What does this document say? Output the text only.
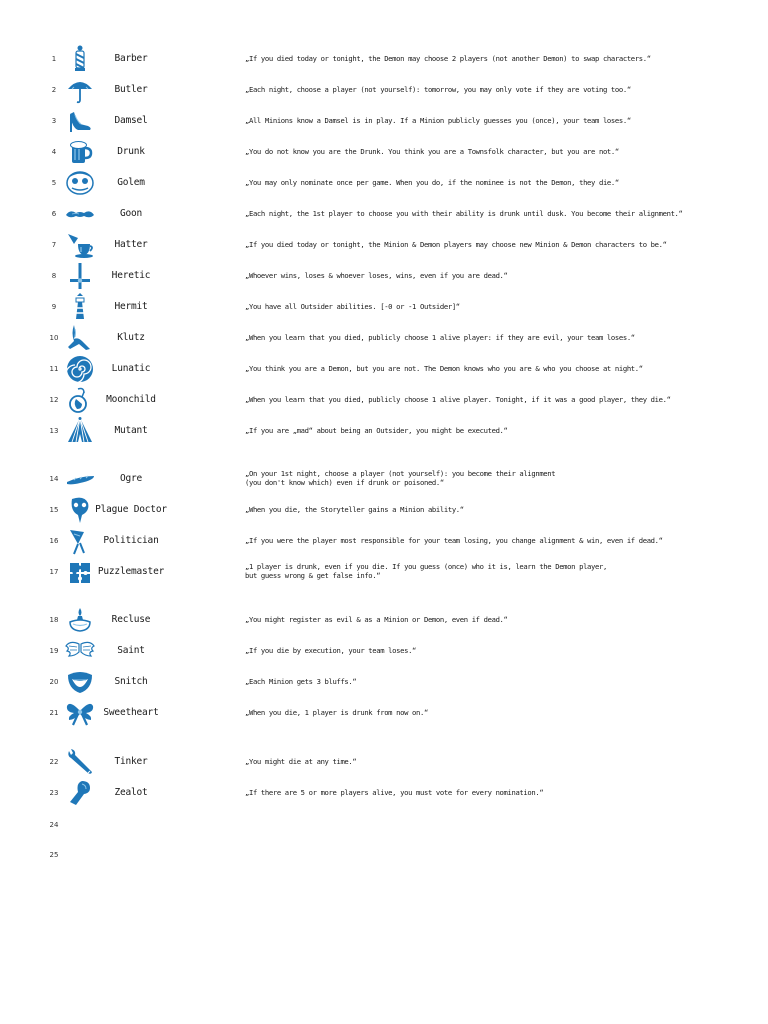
1	Barber	„If you died today or tonight, the Demon may choose 2 players (not another Demon) to swap characters.“
2	Butler	„Each night, choose a player (not yourself): tomorrow, you may only vote if they are voting too.“
3	Damsel	„All Minions know a Damsel is in play. If a Minion publicly guesses you (once), your team loses.“
4	Drunk	„You do not know you are the Drunk. You think you are a Townsfolk character, but you are not.“
5	Golem	„You may only nominate once per game. When you do, if the nominee is not the Demon, they die.“
6	Goon	„Each night, the 1st player to choose you with their ability is drunk until dusk. You become their alignment.“
7	Hatter	„If you died today or tonight, the Minion & Demon players may choose new Minion & Demon characters to be.“
8	Heretic	„Whoever wins, loses & whoever loses, wins, even if you are dead.“
9	Hermit	„You have all Outsider abilities. [-0 or -1 Outsider]“
10	Klutz	„When you learn that you died, publicly choose 1 alive player: if they are evil, your team loses.“
11	Lunatic	„You think you are a Demon, but you are not. The Demon knows who you are & who you choose at night.“
12	Moonchild	„When you learn that you died, publicly choose 1 alive player. Tonight, if it was a good player, they die.“
13	Mutant	„If you are „mad“ about being an Outsider, you might be executed.“
14	Ogre	„On your 1st night, choose a player (not yourself): you become their alignment
(you don't know which) even if drunk or poisoned.“
15	Plague Doctor	„When you die, the Storyteller gains a Minion ability.“
16	Politician	„If you were the player most responsible for your team losing, you change alignment & win, even if dead.“
17	Puzzlemaster	„1 player is drunk, even if you die. If you guess (once) who it is, learn the Demon player,
but guess wrong & get false info.“
18	Recluse	„You might register as evil & as a Minion or Demon, even if dead.“
19	Saint	„If you die by execution, your team loses.“
20	Snitch	„Each Minion gets 3 bluffs.“
21	Sweetheart	„When you die, 1 player is drunk from now on.“
22	Tinker	„You might die at any time.“
23	Zealot	„If there are 5 or more players alive, you must vote for every nomination.“
24
25
